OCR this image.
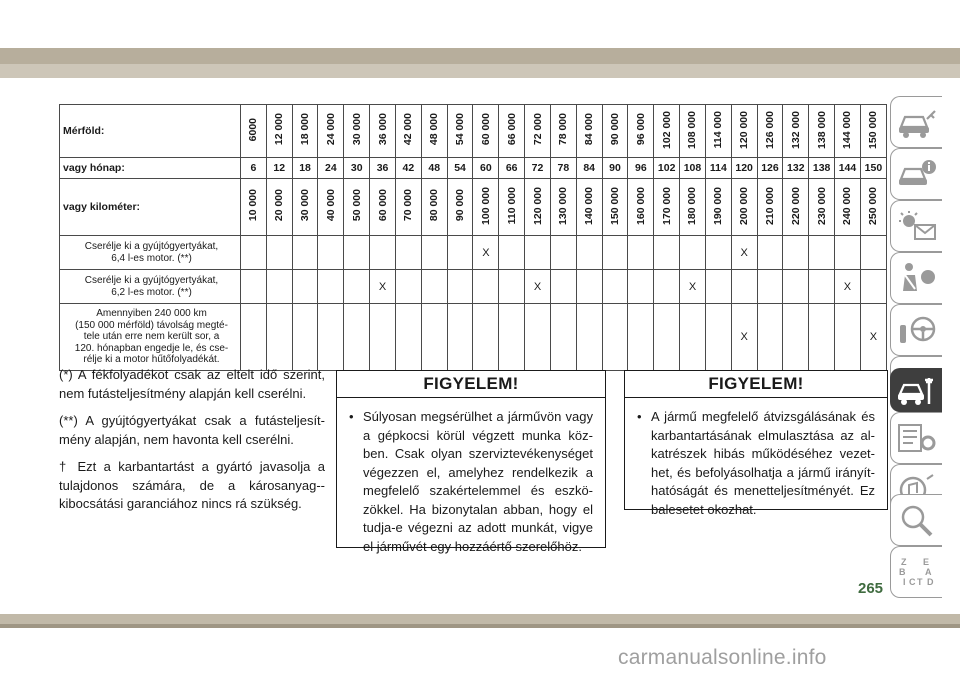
Mérföld:	6000	12 000	18 000	24 000	30 000	36 000	42 000	48 000	54 000	60 000	66 000	72 000	78 000	84 000	90 000	96 000	102 000	108 000	114 000	120 000	126 000	132 000	138 000	144 000	150 000
vagy hónap:	6	12	18	24	30	36	42	48	54	60	66	72	78	84	90	96	102	108	114	120	126	132	138	144	150
vagy kilométer:	10 000	20 000	30 000	40 000	50 000	60 000	70 000	80 000	90 000	100 000	110 000	120 000	130 000	140 000	150 000	160 000	170 000	180 000	190 000	200 000	210 000	220 000	230 000	240 000	250 000

Cserélje ki a gyújtógyertyákat,
6,4 l-es motor. (**)										X										X					

Cserélje ki a gyújtógyertyákat,
6,2 l-es motor. (**)						X						X						X						X	

Amennyiben 240 000 km
(150 000 mérföld) távolság megté-
tele után erre nem került sor, a
120. hónapban engedje le, és cse-
rélje ki a motor hűtőfolyadékát.																				X					X

(*) A fékfolyadékot csak az eltelt idő szerint, nem futásteljesítmény alapján kell cserélni.

(**) A gyújtógyertyákat csak a futásteljesít-mény alapján, nem havonta kell cserélni.

† Ezt a karbantartást a gyártó javasolja a tulajdonos számára, de a károsanyag--kibocsátási garanciához nincs rá szükség.

FIGYELEM!
• Súlyosan megsérülhet a járművön vagy a gépkocsi körül végzett munka köz-ben. Csak olyan szerviztevékenységet végezzen el, amelyhez rendelkezik a megfelelő szakértelemmel és eszkö-zökkel. Ha bizonytalan abban, hogy el tudja-e végezni az adott munkát, vigye el járművét egy hozzáértő szerelőhöz.
FIGYELEM!
• A jármű megfelelő átvizsgálásának és karbantartásának elmulasztása az al-katrészek hibás működéséhez vezet-het, és befolyásolhatja a jármű irányít-hatóságát és menetteljesítményét. Ez balesetet okozhat.
Z E
B A
I C T D
265
carmanualsonline.info
